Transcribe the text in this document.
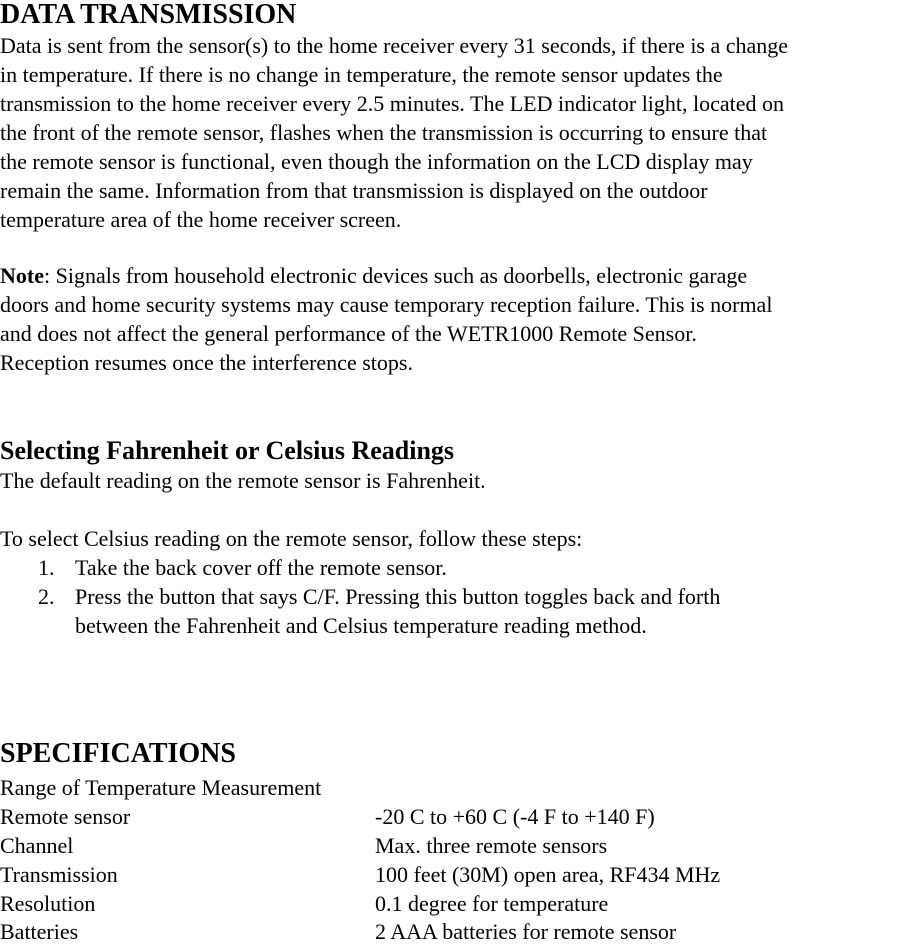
DATA TRANSMISSION

Data is sent from the sensor(s) to the home receiver every 31 seconds, if there is a change

in temperature. If there is no change in temperature, the remote sensor updates the

transmission to the home receiver every 2.5 minutes. The LED indicator light, located on

the front of the remote sensor, flashes when the transmission is occurring to ensure that

the remote sensor is functional, even though the information on the LCD display may

remain the same. Information from that transmission is displayed on the outdoor

temperature area of the home receiver screen.

Note: Signals from household electronic devices such as doorbells, electronic garage

doors and home security systems may cause temporary reception failure. This is normal

and does not affect the general performance of the WETR1000 Remote Sensor.

Reception resumes once the interference stops.

Selecting Fahrenheit or Celsius Readings

The default reading on the remote sensor is Fahrenheit.

To select Celsius reading on the remote sensor, follow these steps:

1. Take the back cover off the remote sensor.

2. Press the button that says C/F. Pressing this button toggles back and forth

between the Fahrenheit and Celsius temperature reading method.

SPECIFICATIONS

Range of Temperature Measurement

Remote sensor	-20 C to +60 C (-4 F to +140 F)
Channel	Max. three remote sensors
Transmission	100 feet (30M) open area, RF434 MHz
Resolution	0.1 degree for temperature
Batteries	2 AAA batteries for remote sensor
